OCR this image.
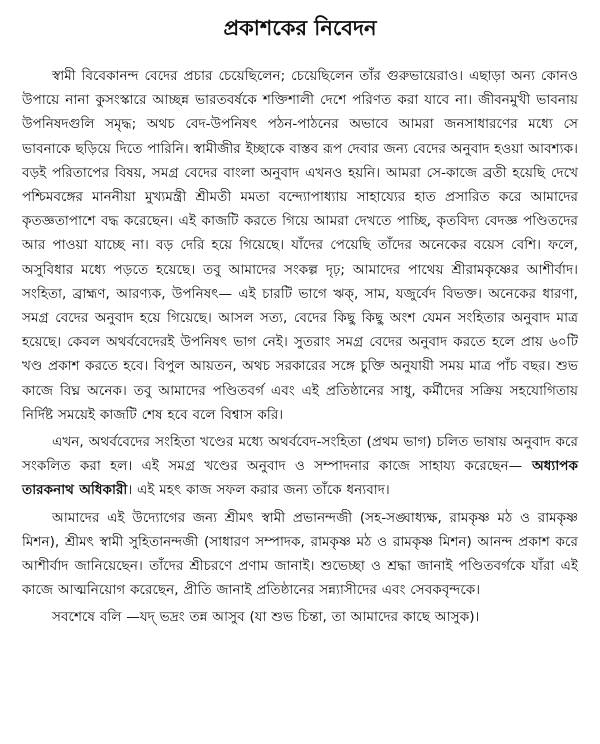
প্রকাশকের নিবেদন

স্বামী বিবেকানন্দ বেদের প্রচার চেয়েছিলেন; চেয়েছিলেন তাঁর গুরুভায়েরাও। এছাড়া অন্য কোনও উপায়ে নানা কুসংস্কারে আচ্ছন্ন ভারতবর্ষকে শক্তিশালী দেশে পরিণত করা যাবে না। জীবনমুখী ভাবনায় উপনিষদগুলি সমৃদ্ধ; অথচ বেদ-উপনিষৎ পঠন-পাঠনের অভাবে আমরা জনসাধারণের মধ্যে সে ভাবনাকে ছড়িয়ে দিতে পারিনি। স্বামীজীর ইচ্ছাকে বাস্তব রূপ দেবার জন্য বেদের অনুবাদ হওয়া আবশ্যক। বড়ই পরিতাপের বিষয়, সমগ্র বেদের বাংলা অনুবাদ এখনও হয়নি। আমরা সে-কাজে ব্রতী হয়েছি দেখে পশ্চিমবঙ্গের মাননীয়া মুখ্যমন্ত্রী শ্রীমতী মমতা বন্দ্যোপাধ্যায় সাহায্যের হাত প্রসারিত করে আমাদের কৃতজ্ঞতাপাশে বদ্ধ করেছেন। এই কাজটি করতে গিয়ে আমরা দেখতে পাচ্ছি, কৃতবিদ্য বেদজ্ঞ পণ্ডিতদের আর পাওয়া যাচ্ছে না। বড় দেরি হয়ে গিয়েছে। যাঁদের পেয়েছি তাঁদের অনেকের বয়েস বেশি। ফলে, অসুবিধার মধ্যে পড়তে হয়েছে। তবু আমাদের সংকল্প দৃঢ়; আমাদের পাথেয় শ্রীরামকৃষ্ণের আশীর্বাদ। সংহিতা, ব্রাহ্মণ, আরণ্যক, উপনিষৎ— এই চারটি ভাগে ঋক্, সাম, যজুর্বেদ বিভক্ত। অনেকের ধারণা, সমগ্র বেদের অনুবাদ হয়ে গিয়েছে। আসল সত্য, বেদের কিছু কিছু অংশ যেমন সংহিতার অনুবাদ মাত্র হয়েছে। কেবল অথর্ববেদেরই উপনিষৎ ভাগ নেই। সুতরাং সমগ্র বেদের অনুবাদ করতে হলে প্রায় ৬০টি খণ্ড প্রকাশ করতে হবে। বিপুল আয়তন, অথচ সরকারের সঙ্গে চুক্তি অনুযায়ী সময় মাত্র পাঁচ বছর। শুভ কাজে বিঘ্ন অনেক। তবু আমাদের পণ্ডিতবর্গ এবং এই প্রতিষ্ঠানের সাধু, কর্মীদের সক্রিয় সহযোগিতায় নির্দিষ্ট সময়েই কাজটি শেষ হবে বলে বিশ্বাস করি।

এখন, অথর্ববেদের সংহিতা খণ্ডের মধ্যে অথর্ববেদ-সংহিতা (প্রথম ভাগ) চলিত ভাষায় অনুবাদ করে সংকলিত করা হল। এই সমগ্র খণ্ডের অনুবাদ ও সম্পাদনার কাজে সাহায্য করেছেন— অধ্যাপক তারকনাথ অধিকারী। এই মহৎ কাজ সফল করার জন্য তাঁকে ধন্যবাদ।

আমাদের এই উদ্যোগের জন্য শ্রীমৎ স্বামী প্রভানন্দজী (সহ-সঙ্ঘাধ্যক্ষ, রামকৃষ্ণ মঠ ও রামকৃষ্ণ মিশন), শ্রীমৎ স্বামী সুহিতানন্দজী (সাধারণ সম্পাদক, রামকৃষ্ণ মঠ ও রামকৃষ্ণ মিশন) আনন্দ প্রকাশ করে আশীর্বাদ জানিয়েছেন। তাঁদের শ্রীচরণে প্রণাম জানাই। শুভেচ্ছা ও শ্রদ্ধা জানাই পণ্ডিতবর্গকে যাঁরা এই কাজে আত্মনিয়োগ করেছেন, প্রীতি জানাই প্রতিষ্ঠানের সন্ন্যাসীদের এবং সেবকবৃন্দকে।

সবশেষে বলি —যদ্ ভদ্রং তন্ন আসুব (যা শুভ চিন্তা, তা আমাদের কাছে আসুক)।
